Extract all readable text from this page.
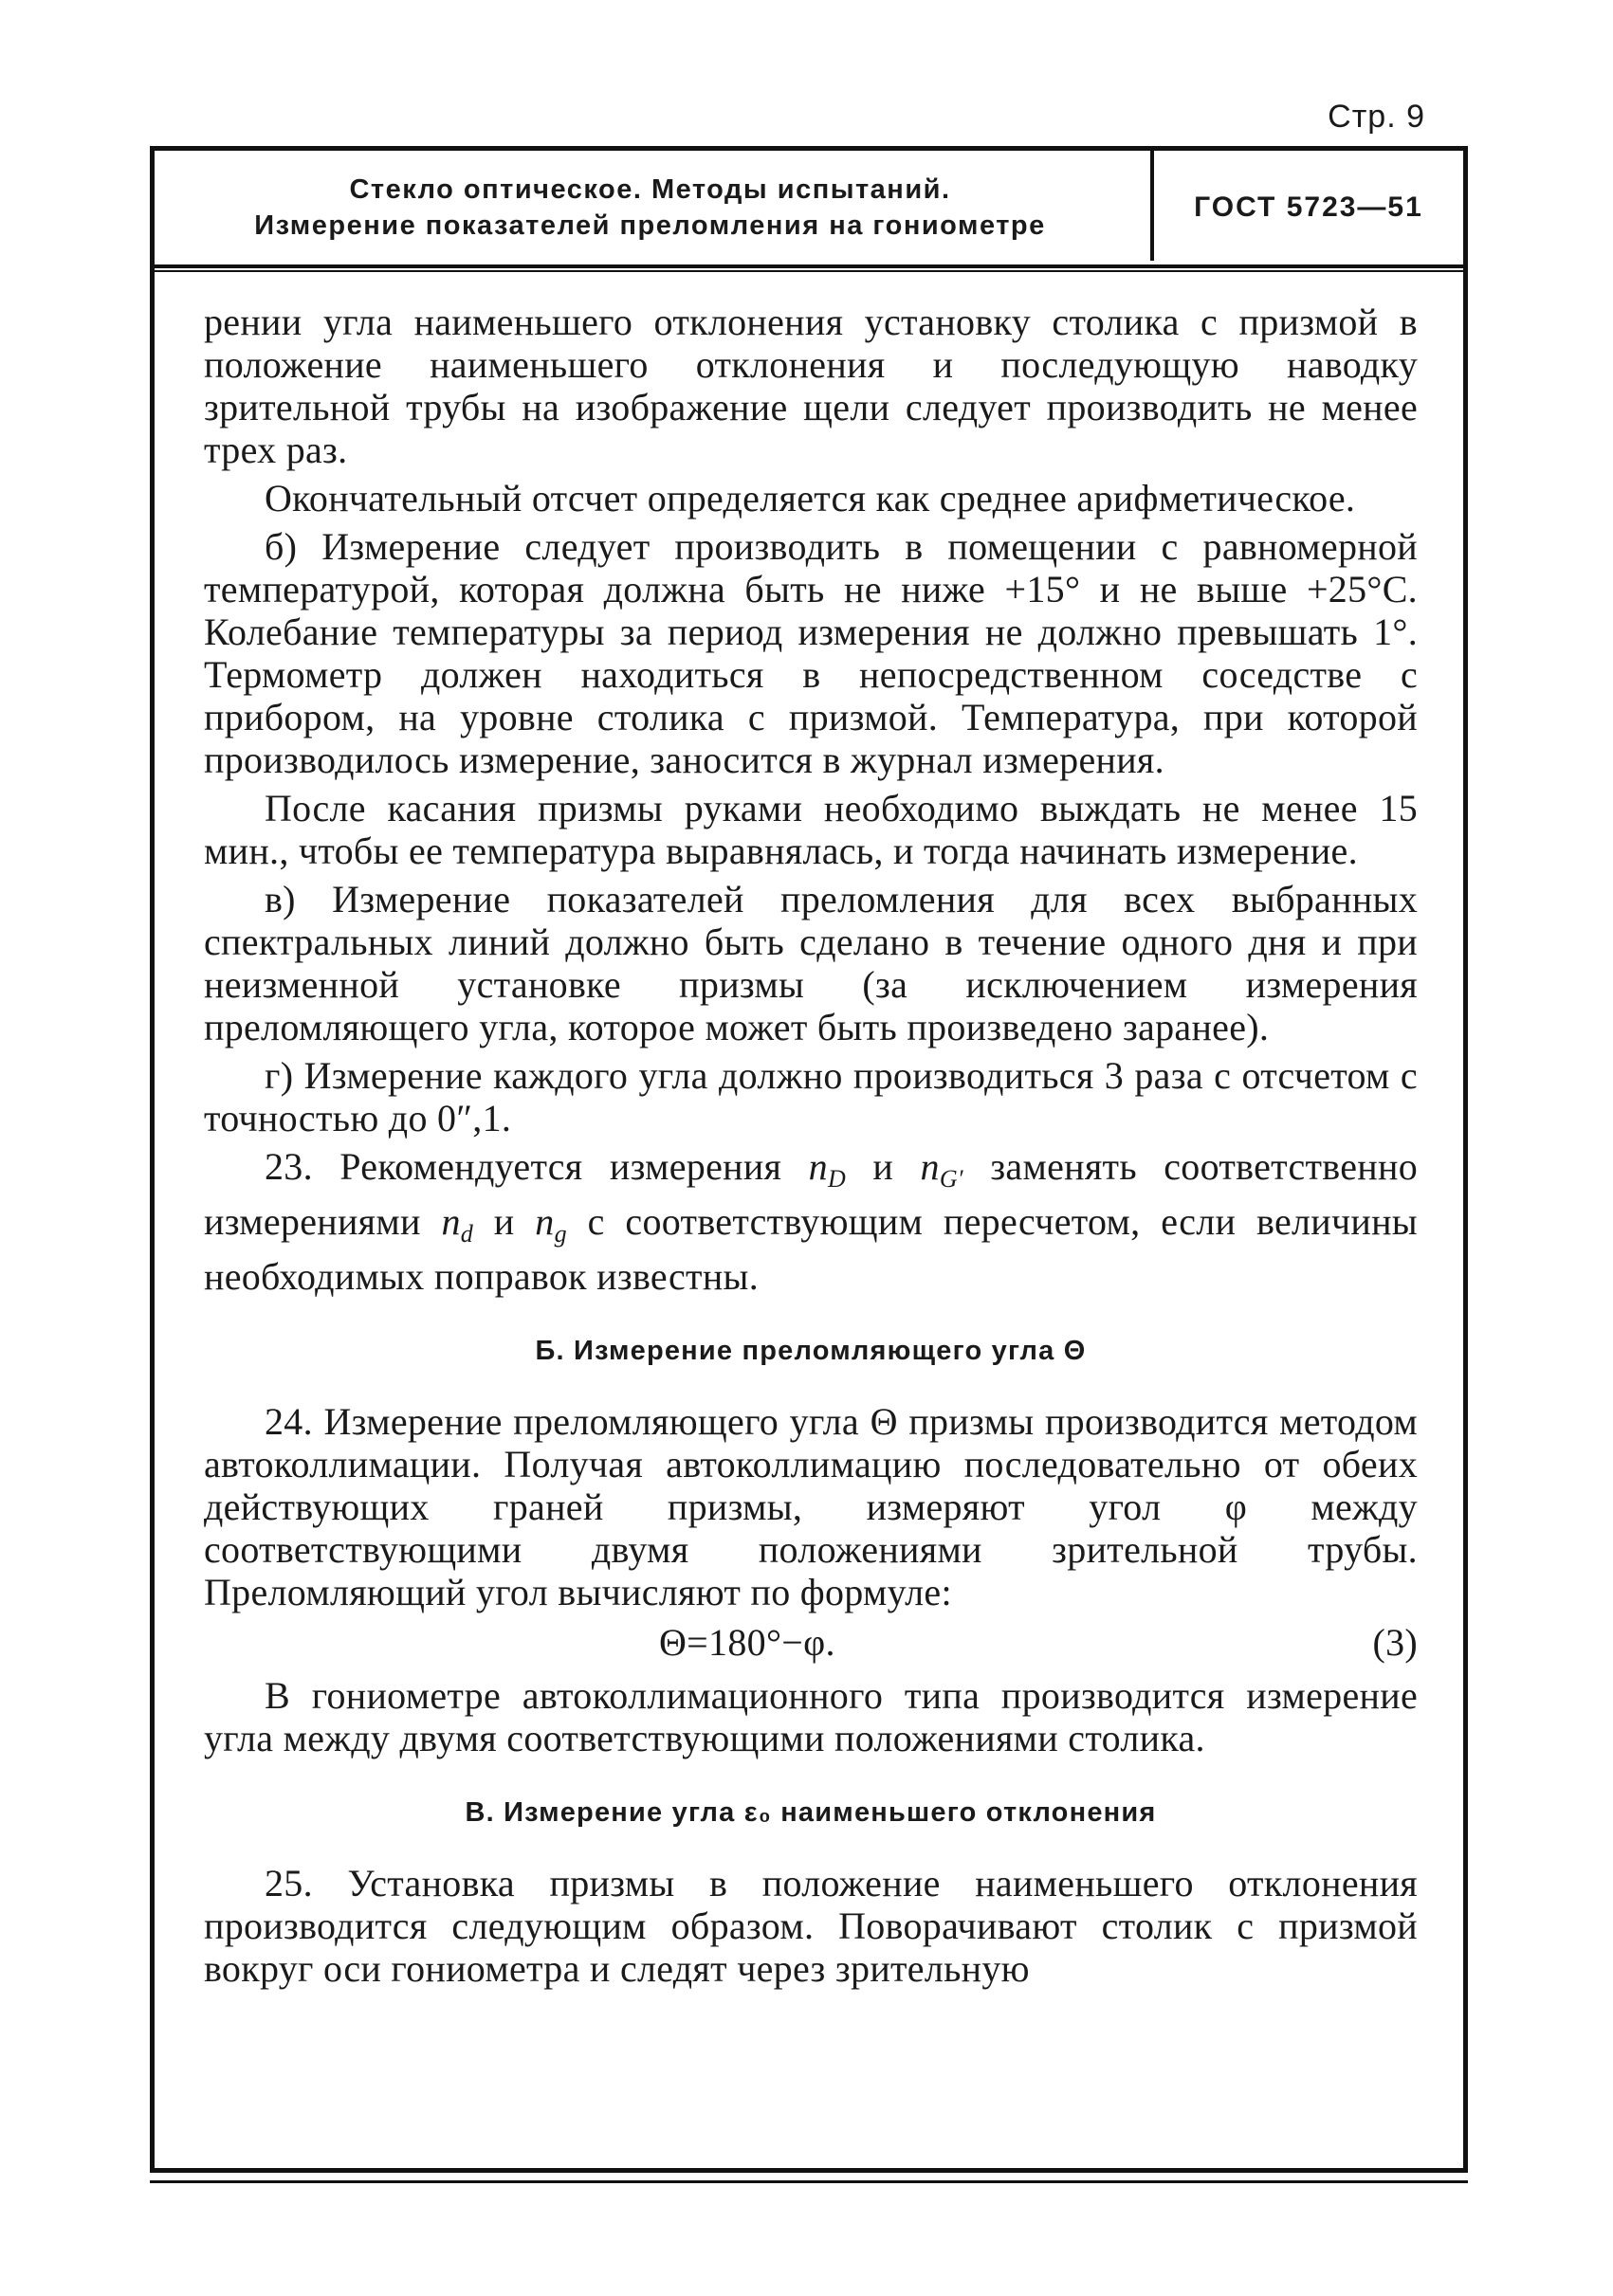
Стр. 9
Стекло оптическое. Методы испытаний.
Измерение показателей преломления на гониометре
ГОСТ 5723—51

рении угла наименьшего отклонения установку столика с призмой в положение наименьшего отклонения и последующую наводку зрительной трубы на изображение щели следует производить не менее трех раз.

Окончательный отсчет определяется как среднее арифметическое.

б) Измерение следует производить в помещении с равномерной температурой, которая должна быть не ниже +15° и не выше +25°С. Колебание температуры за период измерения не должно превышать 1°. Термометр должен находиться в непосредственном соседстве с прибором, на уровне столика с призмой. Температура, при которой производилось измерение, заносится в журнал измерения.

После касания призмы руками необходимо выждать не менее 15 мин., чтобы ее температура выравнялась, и тогда начинать измерение.

в) Измерение показателей преломления для всех выбранных спектральных линий должно быть сделано в течение одного дня и при неизменной установке призмы (за исключением измерения преломляющего угла, которое может быть произведено заранее).

г) Измерение каждого угла должно производиться 3 раза с отсчетом с точностью до 0″,1.

23. Рекомендуется измерения $n_D$ и $n_{G'}$ заменять соответственно измерениями $n_d$ и $n_g$ с соответствующим пересчетом, если величины необходимых поправок известны.

Б. Измерение преломляющего угла Θ

24. Измерение преломляющего угла Θ призмы производится методом автоколлимации. Получая автоколлимацию последовательно от обеих действующих граней призмы, измеряют угол φ между соответствующими двумя положениями зрительной трубы. Преломляющий угол вычисляют по формуле:

Θ=180°−φ.	(3)

В гониометре автоколлимационного типа производится измерение угла между двумя соответствующими положениями столика.

В. Измерение угла ε₀ наименьшего отклонения

25. Установка призмы в положение наименьшего отклонения производится следующим образом. Поворачивают столик с призмой вокруг оси гониометра и следят через зрительную
